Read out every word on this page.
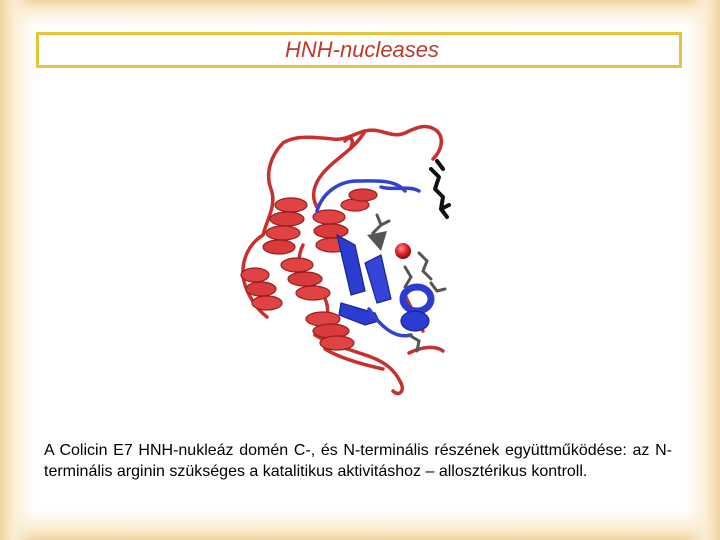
HNH-nucleases

A Colicin E7 HNH-nukleáz domén C-, és N-terminális részének együttműködése: az N-terminális arginin szükséges a katalitikus aktivitáshoz – allosztérikus kontroll.
